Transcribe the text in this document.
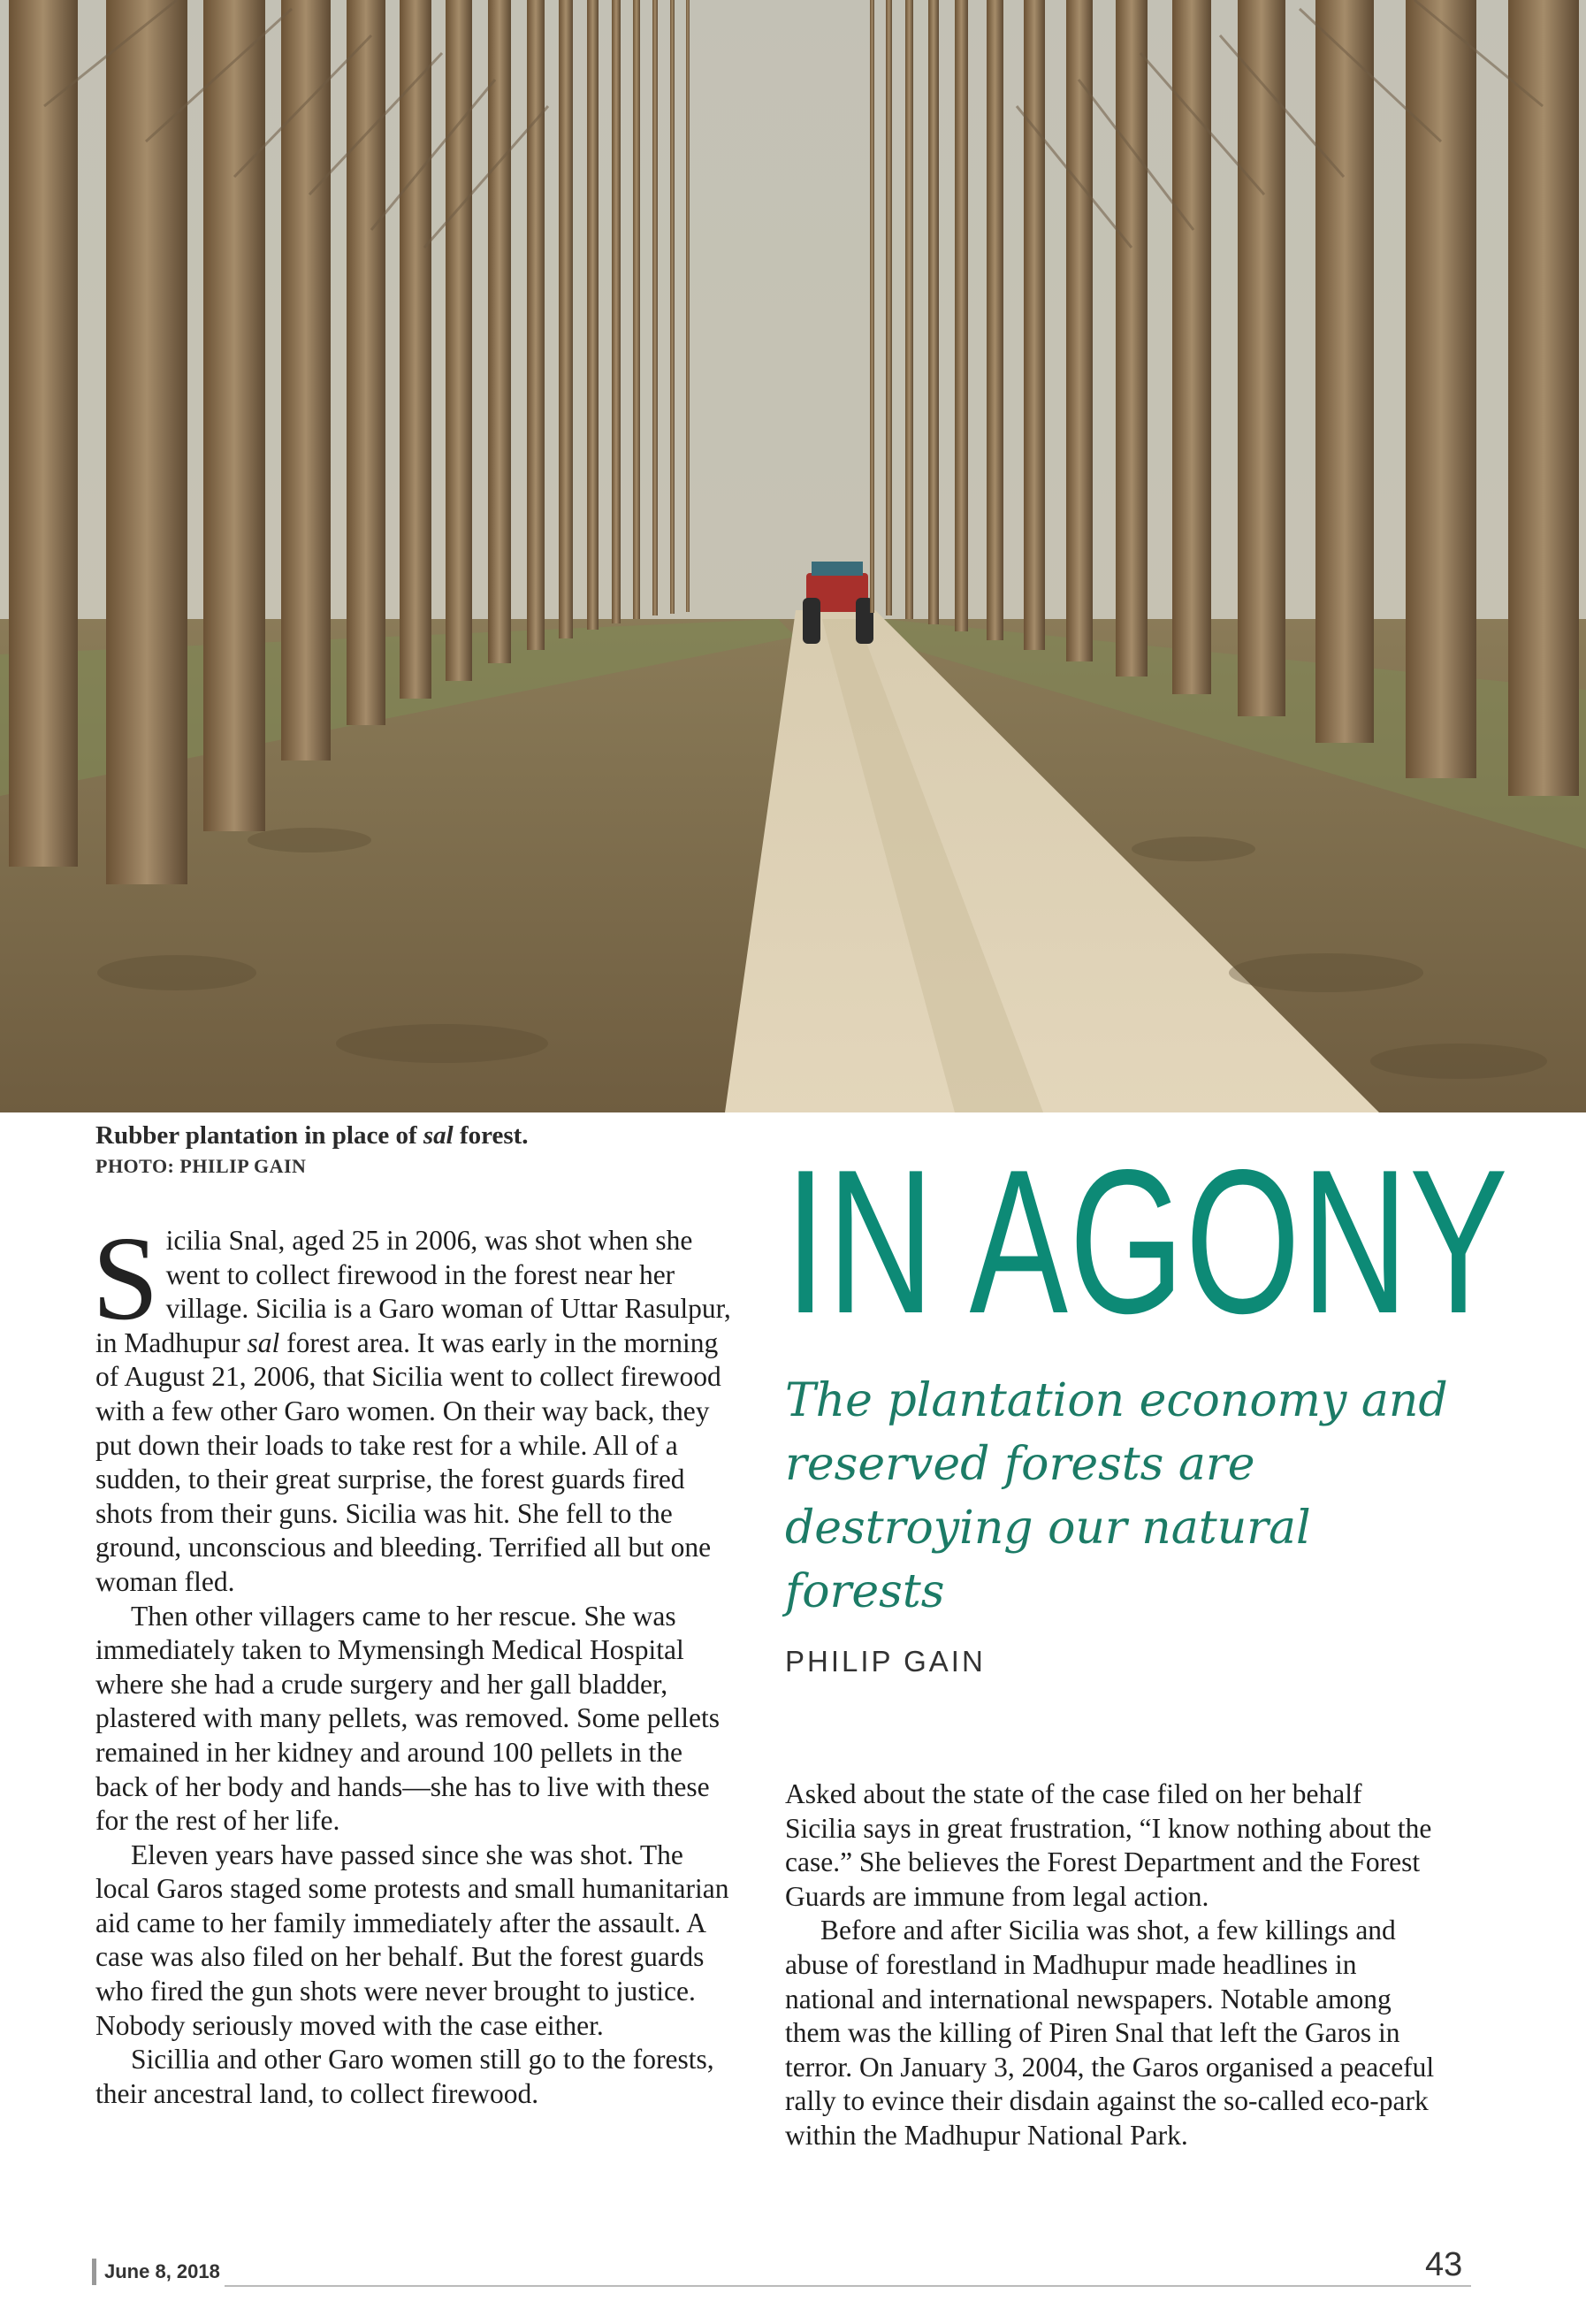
Rubber plantation in place of sal forest.
PHOTO: PHILIP GAIN

Sicilia Snal, aged 25 in 2006, was shot when she went to collect firewood in the forest near her village. Sicilia is a Garo woman of Uttar Rasulpur, in Madhupur sal forest area. It was early in the morning of August 21, 2006, that Sicilia went to collect firewood with a few other Garo women. On their way back, they put down their loads to take rest for a while. All of a sudden, to their great surprise, the forest guards fired shots from their guns. Sicilia was hit. She fell to the ground, unconscious and bleeding. Terrified all but one woman fled.

Then other villagers came to her rescue. She was immediately taken to Mymensingh Medical Hospital where she had a crude surgery and her gall bladder, plastered with many pellets, was removed. Some pellets remained in her kidney and around 100 pellets in the back of her body and hands—she has to live with these for the rest of her life.

Eleven years have passed since she was shot. The local Garos staged some protests and small humanitarian aid came to her family immediately after the assault. A case was also filed on her behalf. But the forest guards who fired the gun shots were never brought to justice. Nobody seriously moved with the case either.

Sicillia and other Garo women still go to the forests, their ancestral land, to collect firewood.

IN AGONY
The plantation economy and reserved forests are destroying our natural forests
PHILIP GAIN

Asked about the state of the case filed on her behalf Sicilia says in great frustration, “I know nothing about the case.” She believes the Forest Department and the Forest Guards are immune from legal action.

Before and after Sicilia was shot, a few killings and abuse of forestland in Madhupur made headlines in national and international newspapers. Notable among them was the killing of Piren Snal that left the Garos in terror. On January 3, 2004, the Garos organised a peaceful rally to evince their disdain against the so-called eco-park within the Madhupur National Park.

June 8, 2018	43
